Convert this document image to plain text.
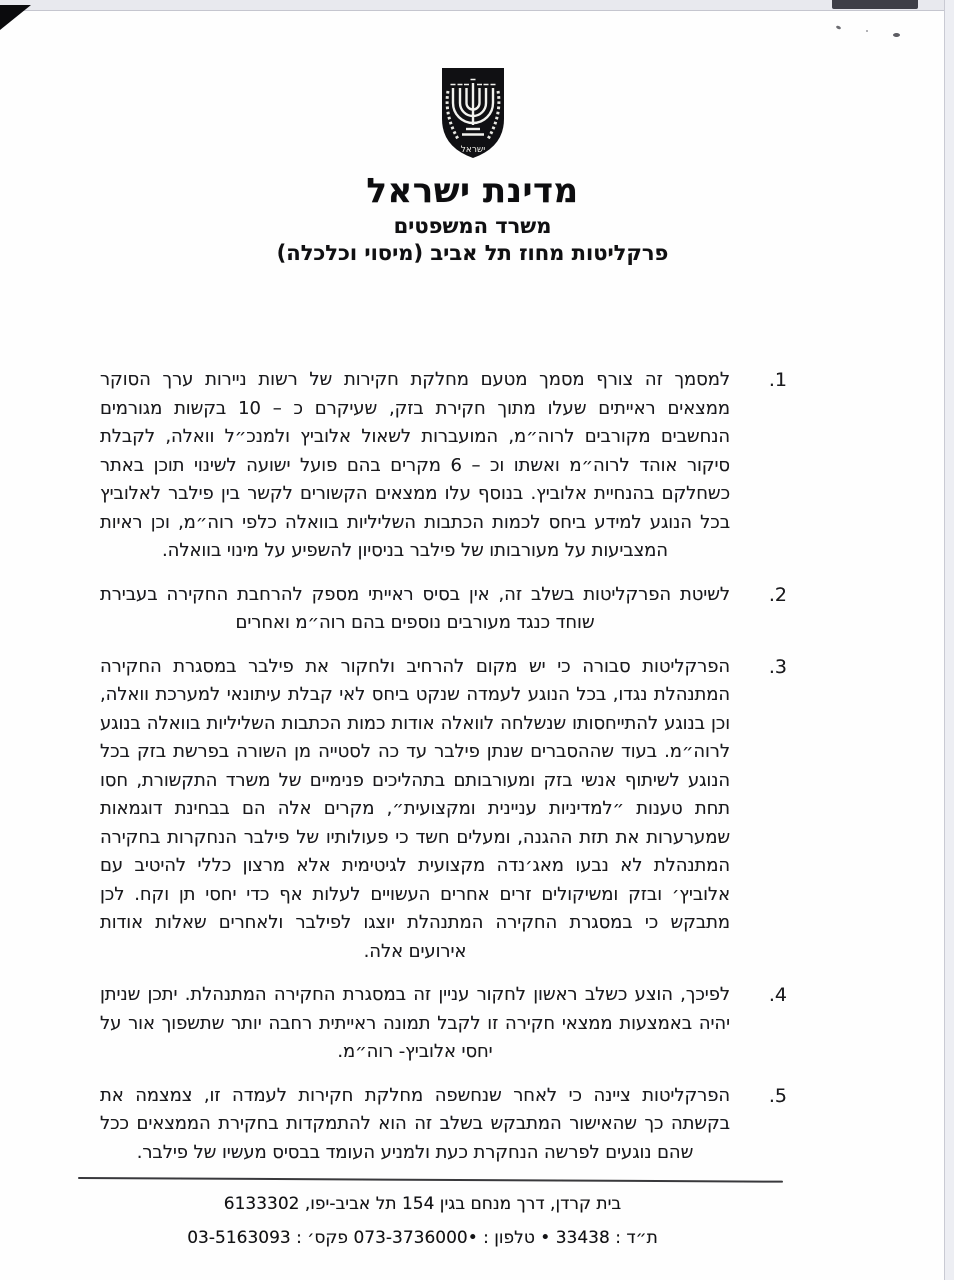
ישראל
מדינת ישראל
משרד המשפטים
פרקליטות מחוז תל אביב (מיסוי וכלכלה)
1.
למסמך זה צורף מסמך מטעם מחלקת חקירות של רשות ניירות ערך הסוקר ממצאים ראייתים שעלו מתוך חקירת בזק, שעיקרם כ – 10 בקשות מגורמים הנחשבים מקורבים לרוה״מ, המועברות לשאול אלוביץ ולמנכ״ל וואלה, לקבלת סיקור אוהד לרוה״מ ואשתו וכ – 6 מקרים בהם פועל ישועה לשינוי תוכן באתר כשחלקם בהנחיית אלוביץ. בנוסף עלו ממצאים הקשורים לקשר בין פילבר לאלוביץ בכל הנוגע למידע ביחס לכמות הכתבות השליליות בוואלה כלפי רוה״מ, וכן ראיות המצביעות על מעורבותו של פילבר בניסיון להשפיע על מינוי בוואלה.
2.
לשיטת הפרקליטות בשלב זה, אין בסיס ראייתי מספק להרחבת החקירה בעבירת שוחד כנגד מעורבים נוספים בהם רוה״מ ואחרים
3.
הפרקליטות סבורה כי יש מקום להרחיב ולחקור את פילבר במסגרת החקירה המתנהלת נגדו, בכל הנוגע לעמדה שנקט ביחס לאי קבלת עיתונאי למערכת וואלה, וכן בנוגע להתייחסותו שנשלחה לוואלה אודות כמות הכתבות השליליות בוואלה בנוגע לרוה״מ. בעוד שההסברים שנתן פילבר עד כה לסטייה מן השורה בפרשת בזק בכל הנוגע לשיתוף אנשי בזק ומעורבותם בתהליכים פנימיים של משרד התקשורת, חסו תחת טענות ״למדיניות עניינית ומקצועית״, מקרים אלה הם בבחינת דוגמאות שמערערות את תזת ההגנה, ומעלים חשד כי פעולותיו של פילבר הנחקרות בחקירה המתנהלת לא נבעו מאג׳נדה מקצועית לגיטימית אלא מרצון כללי להיטיב עם אלוביץ׳ ובזק ומשיקולים זרים אחרים העשויים לעלות אף כדי יחסי תן וקח. לכן מתבקש כי במסגרת החקירה המתנהלת יוצגו לפילבר ולאחרים שאלות אודות אירועים אלה.
4.
לפיכך, הוצע כשלב ראשון לחקור עניין זה במסגרת החקירה המתנהלת. יתכן שניתן יהיה באמצעות ממצאי חקירה זו לקבל תמונה ראייתית רחבה יותר שתשפוך אור על יחסי אלוביץ- רוה״מ.
5.
הפרקליטות ציינה כי לאחר שנחשפה מחלקת חקירות לעמדה זו, צמצמה את בקשתה כך שהאישור המתבקש בשלב זה הוא להתמקדות בחקירת הממצאים ככל שהם נוגעים לפרשה הנחקרת כעת ולמניע העומד בבסיס מעשיו של פילבר.
בית קרדן, דרך מנחם בגין 154 תל אביב-יפו, 6133302
ת״ד : 33438 • טלפון : •073-3736000 פקס׳ : 03-5163093
